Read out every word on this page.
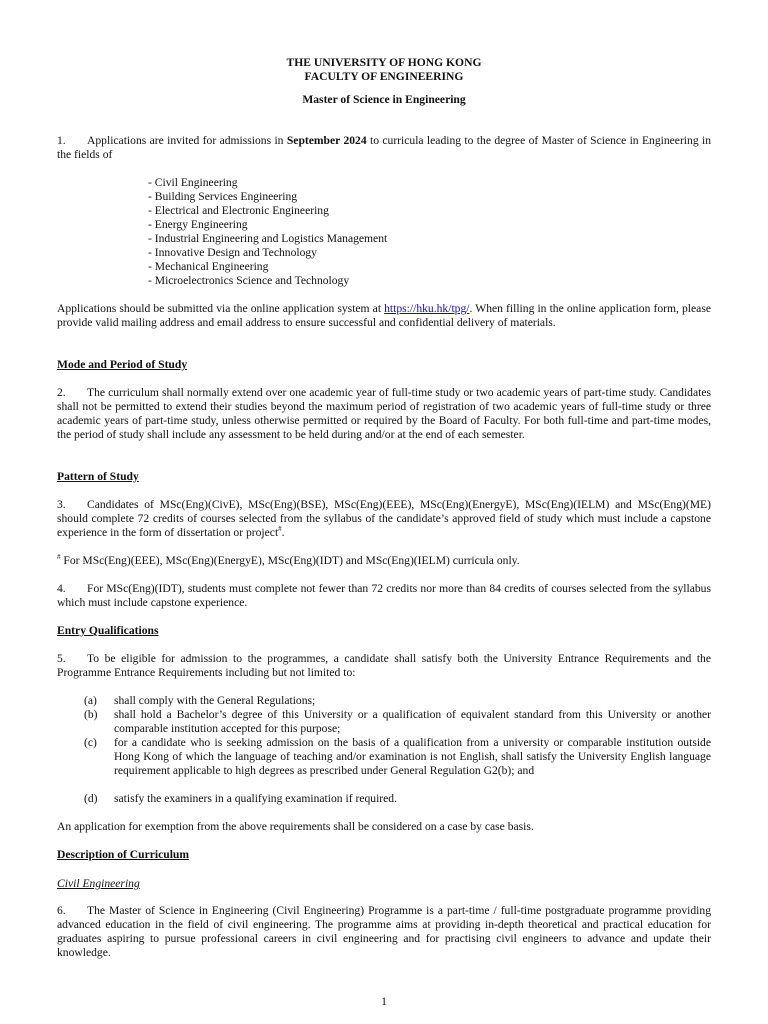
THE UNIVERSITY OF HONG KONG
FACULTY OF ENGINEERING
Master of Science in Engineering
1. Applications are invited for admissions in September 2024 to curricula leading to the degree of Master of Science in Engineering in the fields of
- Civil Engineering
- Building Services Engineering
- Electrical and Electronic Engineering
- Energy Engineering
- Industrial Engineering and Logistics Management
- Innovative Design and Technology
- Mechanical Engineering
- Microelectronics Science and Technology
Applications should be submitted via the online application system at https://hku.hk/tpg/. When filling in the online application form, please provide valid mailing address and email address to ensure successful and confidential delivery of materials.
Mode and Period of Study
2. The curriculum shall normally extend over one academic year of full-time study or two academic years of part-time study. Candidates shall not be permitted to extend their studies beyond the maximum period of registration of two academic years of full-time study or three academic years of part-time study, unless otherwise permitted or required by the Board of Faculty. For both full-time and part-time modes, the period of study shall include any assessment to be held during and/or at the end of each semester.
Pattern of Study
3. Candidates of MSc(Eng)(CivE), MSc(Eng)(BSE), MSc(Eng)(EEE), MSc(Eng)(EnergyE), MSc(Eng)(IELM) and MSc(Eng)(ME) should complete 72 credits of courses selected from the syllabus of the candidate’s approved field of study which must include a capstone experience in the form of dissertation or project#.
# For MSc(Eng)(EEE), MSc(Eng)(EnergyE), MSc(Eng)(IDT) and MSc(Eng)(IELM) curricula only.
4. For MSc(Eng)(IDT), students must complete not fewer than 72 credits nor more than 84 credits of courses selected from the syllabus which must include capstone experience.
Entry Qualifications
5. To be eligible for admission to the programmes, a candidate shall satisfy both the University Entrance Requirements and the Programme Entrance Requirements including but not limited to:
(a) shall comply with the General Regulations;
(b) shall hold a Bachelor’s degree of this University or a qualification of equivalent standard from this University or another comparable institution accepted for this purpose;
(c) for a candidate who is seeking admission on the basis of a qualification from a university or comparable institution outside Hong Kong of which the language of teaching and/or examination is not English, shall satisfy the University English language requirement applicable to high degrees as prescribed under General Regulation G2(b); and
(d) satisfy the examiners in a qualifying examination if required.
An application for exemption from the above requirements shall be considered on a case by case basis.
Description of Curriculum
Civil Engineering
6. The Master of Science in Engineering (Civil Engineering) Programme is a part-time / full-time postgraduate programme providing advanced education in the field of civil engineering. The programme aims at providing in-depth theoretical and practical education for graduates aspiring to pursue professional careers in civil engineering and for practising civil engineers to advance and update their knowledge.
1
